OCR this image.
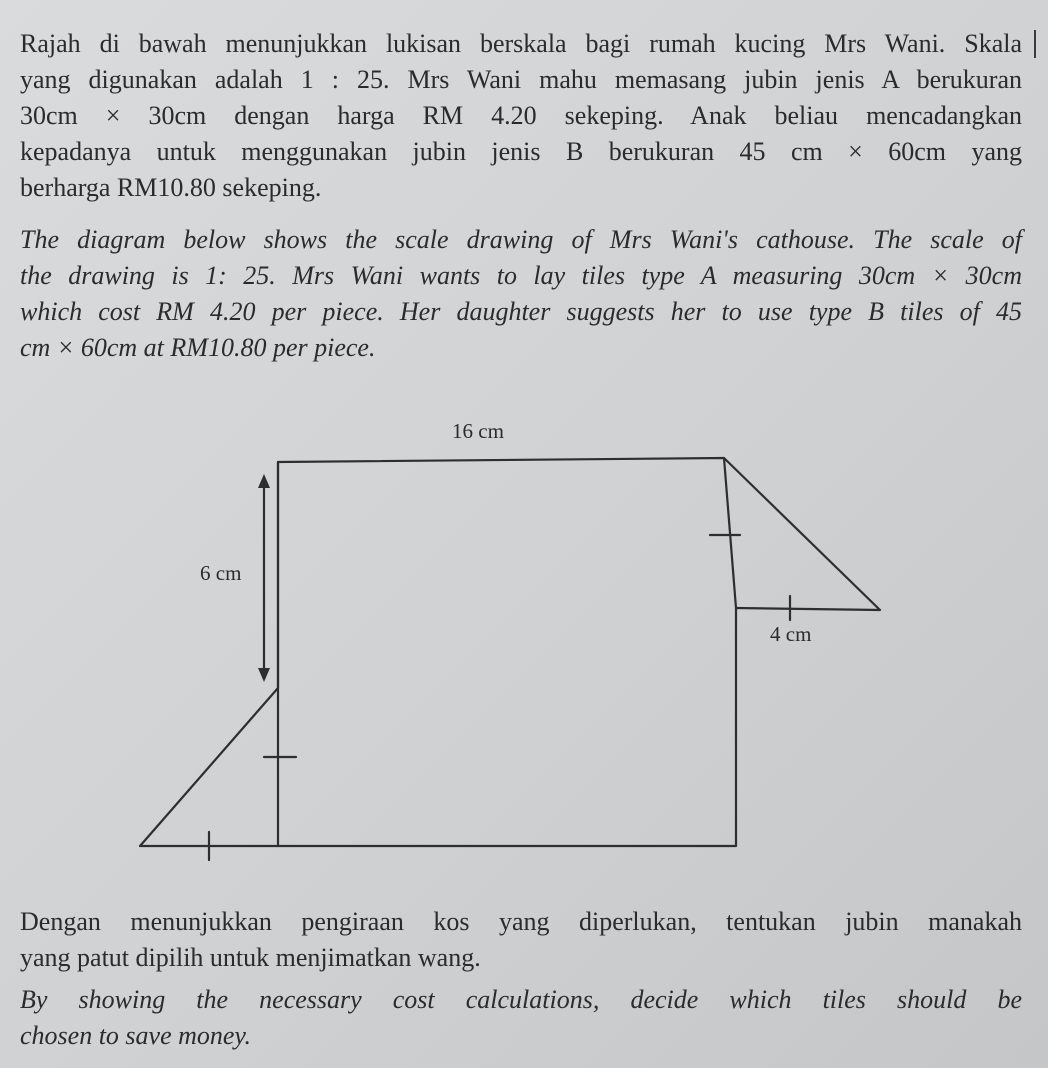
Rajah di bawah menunjukkan lukisan berskala bagi rumah kucing Mrs Wani. Skala
yang digunakan adalah 1 : 25. Mrs Wani mahu memasang jubin jenis A berukuran
30cm × 30cm dengan harga RM 4.20 sekeping. Anak beliau mencadangkan
kepadanya untuk menggunakan jubin jenis B berukuran 45 cm × 60cm yang
berharga RM10.80 sekeping.
The diagram below shows the scale drawing of Mrs Wani's cathouse. The scale of
the drawing is 1: 25. Mrs Wani wants to lay tiles type A measuring 30cm × 30cm
which cost RM 4.20 per piece. Her daughter suggests her to use type B tiles of 45
cm × 60cm at RM10.80 per piece.
16 cm
6 cm
4 cm
Dengan menunjukkan pengiraan kos yang diperlukan, tentukan jubin manakah
yang patut dipilih untuk menjimatkan wang.
By showing the necessary cost calculations, decide which tiles should be
chosen to save money.
